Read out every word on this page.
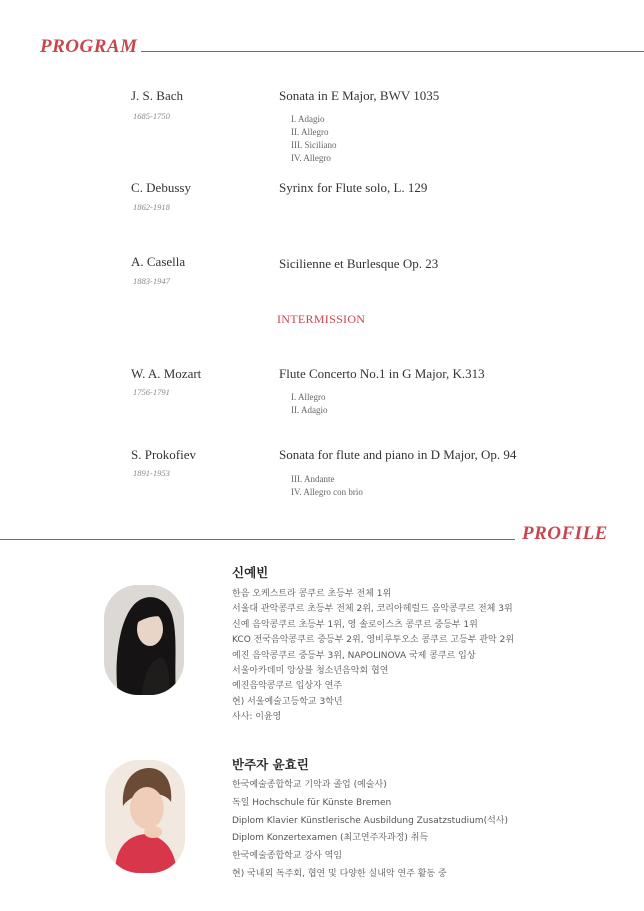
PROGRAM
J. S. Bach
1685-1750
Sonata in E Major, BWV 1035
I. Adagio
II. Allegro
III. Siciliano
IV. Allegro
C. Debussy
1862-1918
Syrinx for Flute solo, L. 129
A. Casella
1883-1947
Sicilienne et Burlesque Op. 23
INTERMISSION
W. A. Mozart
1756-1791
Flute Concerto No.1 in G Major, K.313
I. Allegro
II. Adagio
S. Prokofiev
1891-1953
Sonata for flute and piano in D Major, Op. 94
III. Andante
IV. Allegro con brio
PROFILE
신예빈
한음 오케스트라 콩쿠르 초등부 전체 1위
서울대 관악콩쿠르 초등부 전체 2위, 코리아헤럴드 음악콩쿠르 전체 3위
신예 음악콩쿠르 초등부 1위, 영 솔로이스츠 콩쿠르 중등부 1위
KCO 전국음악콩쿠르 중등부 2위, 영비루투오소 콩쿠르 고등부 관악 2위
예진 음악콩쿠르 중등부 3위, NAPOLINOVA 국제 콩쿠르 입상
서울아카데미 앙상블 청소년음악회 협연
예진음악콩쿠르 입상자 연주
현) 서울예술고등학교 3학년
사사: 이윤영
반주자 윤효린
한국예술종합학교 기악과 졸업 (예술사)
독일 Hochschule für Künste Bremen
Diplom Klavier Künstlerische Ausbildung Zusatzstudium(석사)
Diplom Konzertexamen (최고연주자과정) 취득
한국예술종합학교 강사 역임
현) 국내외 독주회, 협연 및 다양한 실내악 연주 활동 중
